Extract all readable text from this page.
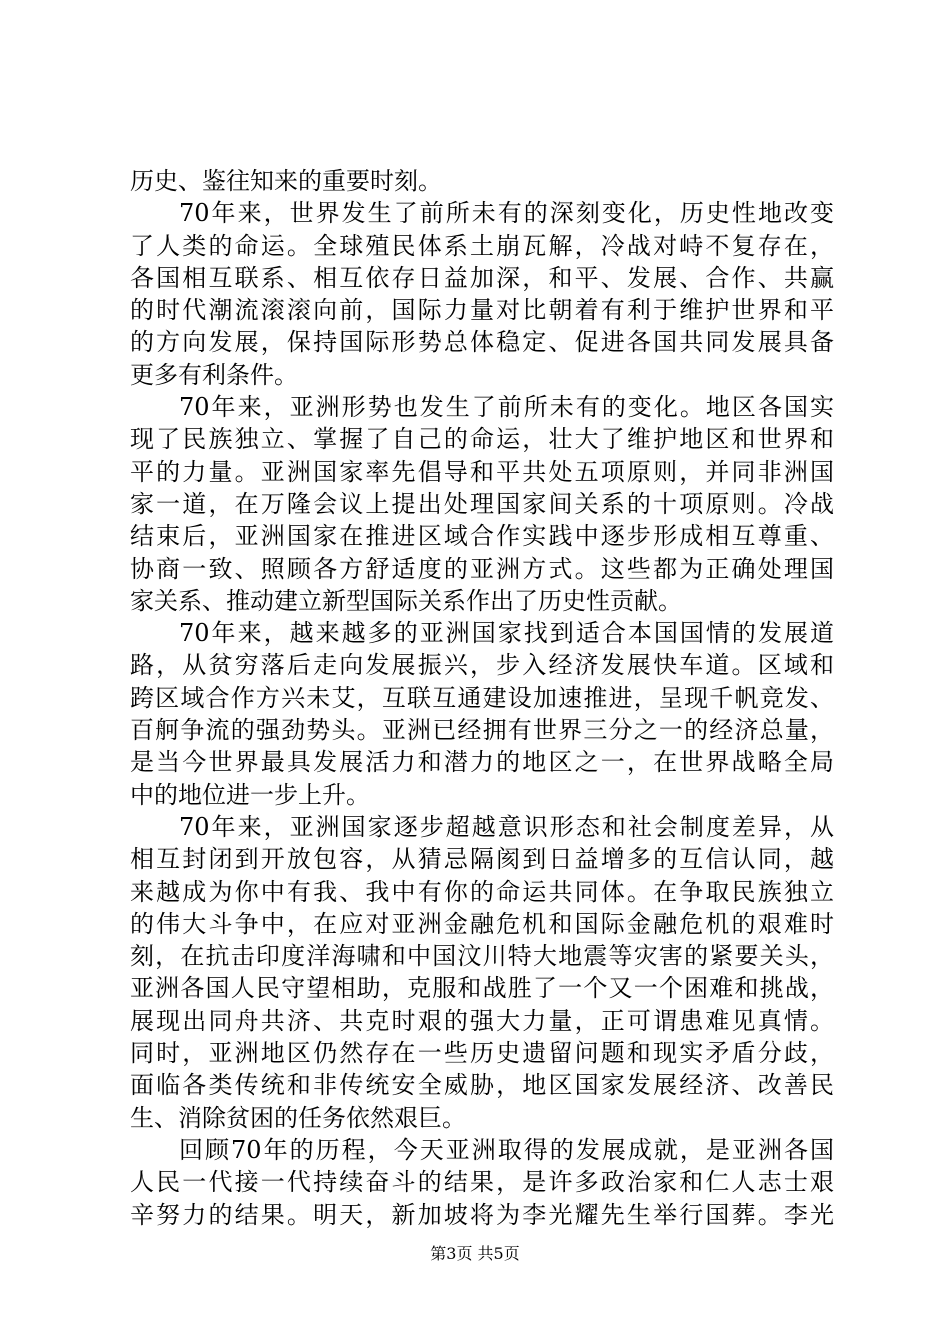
历史、鉴往知来的重要时刻。
70年来，世界发生了前所未有的深刻变化，历史性地改变
了人类的命运。全球殖民体系土崩瓦解，冷战对峙不复存在，
各国相互联系、相互依存日益加深，和平、发展、合作、共赢
的时代潮流滚滚向前，国际力量对比朝着有利于维护世界和平
的方向发展，保持国际形势总体稳定、促进各国共同发展具备
更多有利条件。
70年来，亚洲形势也发生了前所未有的变化。地区各国实
现了民族独立、掌握了自己的命运，壮大了维护地区和世界和
平的力量。亚洲国家率先倡导和平共处五项原则，并同非洲国
家一道，在万隆会议上提出处理国家间关系的十项原则。冷战
结束后，亚洲国家在推进区域合作实践中逐步形成相互尊重、
协商一致、照顾各方舒适度的亚洲方式。这些都为正确处理国
家关系、推动建立新型国际关系作出了历史性贡献。
70年来，越来越多的亚洲国家找到适合本国国情的发展道
路，从贫穷落后走向发展振兴，步入经济发展快车道。区域和
跨区域合作方兴未艾，互联互通建设加速推进，呈现千帆竞发、
百舸争流的强劲势头。亚洲已经拥有世界三分之一的经济总量，
是当今世界最具发展活力和潜力的地区之一，在世界战略全局
中的地位进一步上升。
70年来，亚洲国家逐步超越意识形态和社会制度差异，从
相互封闭到开放包容，从猜忌隔阂到日益增多的互信认同，越
来越成为你中有我、我中有你的命运共同体。在争取民族独立
的伟大斗争中，在应对亚洲金融危机和国际金融危机的艰难时
刻，在抗击印度洋海啸和中国汶川特大地震等灾害的紧要关头，
亚洲各国人民守望相助，克服和战胜了一个又一个困难和挑战，
展现出同舟共济、共克时艰的强大力量，正可谓患难见真情。
同时，亚洲地区仍然存在一些历史遗留问题和现实矛盾分歧，
面临各类传统和非传统安全威胁，地区国家发展经济、改善民
生、消除贫困的任务依然艰巨。
回顾70年的历程，今天亚洲取得的发展成就，是亚洲各国
人民一代接一代持续奋斗的结果，是许多政治家和仁人志士艰
辛努力的结果。明天，新加坡将为李光耀先生举行国葬。李光
第3页 共5页
